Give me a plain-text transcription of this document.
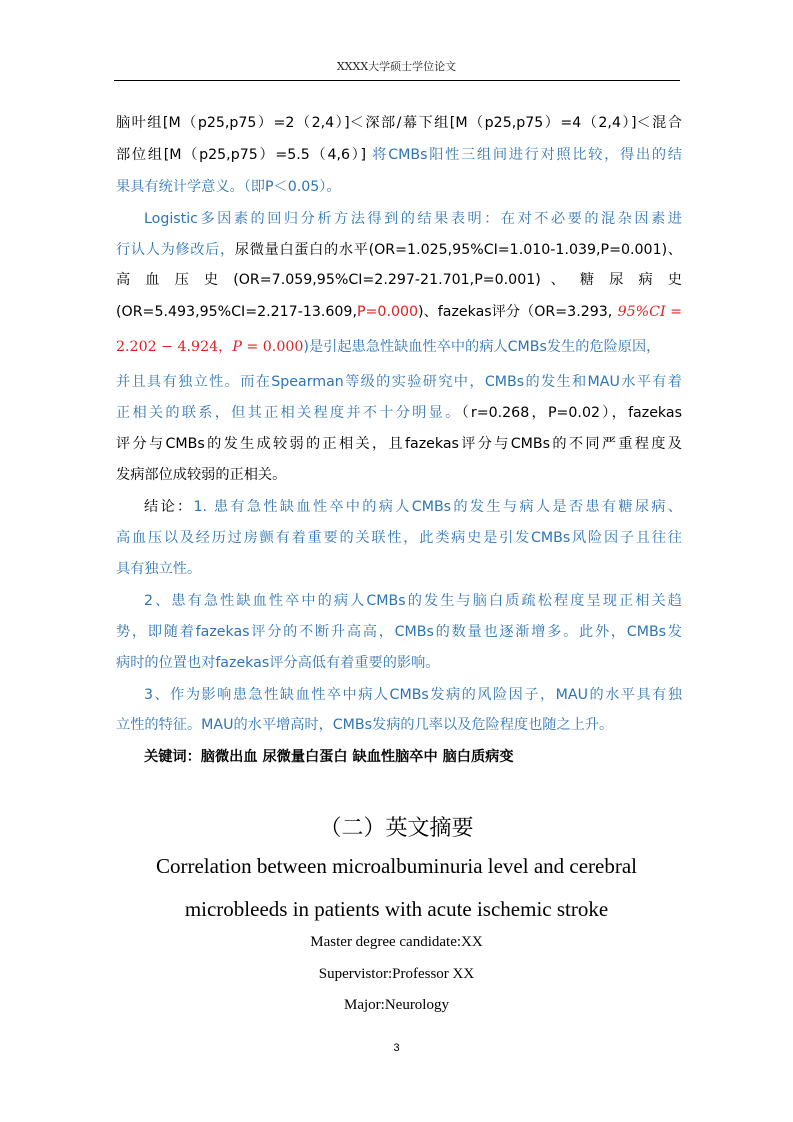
XXXX大学硕士学位论文
脑叶组[M（p25,p75）=2（2,4）]＜深部/幕下组[M（p25,p75）=4（2,4）]＜混合
部位组[M（p25,p75）=5.5（4,6）] 将CMBs阳性三组间进行对照比较，得出的结
果具有统计学意义。（即P＜0.05）。
Logistic多因素的回归分析方法得到的结果表明：在对不必要的混杂因素进
行认人为修改后，尿微量白蛋白的水平(OR=1.025,95%CI=1.010-1.039,P=0.001)、
高 血 压 史 (OR=7.059,95%CI=2.297-21.701,P=0.001) 、 糖 尿 病 史
(OR=5.493,95%CI=2.217-13.609,P=0.000)、fazekas评分（OR=3.293, 95%CI =
2.202 − 4.924，P = 0.000)是引起患急性缺血性卒中的病人CMBs发生的危险原因，
并且具有独立性。而在Spearman等级的实验研究中，CMBs的发生和MAU水平有着
正相关的联系，但其正相关程度并不十分明显。（r=0.268，P=0.02），fazekas
评分与CMBs的发生成较弱的正相关，且fazekas评分与CMBs的不同严重程度及
发病部位成较弱的正相关。
结论：1. 患有急性缺血性卒中的病人CMBs的发生与病人是否患有糖尿病、
高血压以及经历过房颤有着重要的关联性，此类病史是引发CMBs风险因子且往往
具有独立性。
2、患有急性缺血性卒中的病人CMBs的发生与脑白质疏松程度呈现正相关趋
势，即随着fazekas评分的不断升高高，CMBs的数量也逐渐增多。此外，CMBs发
病时的位置也对fazekas评分高低有着重要的影响。
3、作为影响患急性缺血性卒中病人CMBs发病的风险因子，MAU的水平具有独
立性的特征。MAU的水平增高时，CMBs发病的几率以及危险程度也随之上升。
关键词：脑微出血 尿微量白蛋白 缺血性脑卒中 脑白质病变
（二）英文摘要
Correlation between microalbuminuria level and cerebral
microbleeds in patients with acute ischemic stroke
Master degree candidate:XX
Supervistor:Professor XX
Major:Neurology
3
